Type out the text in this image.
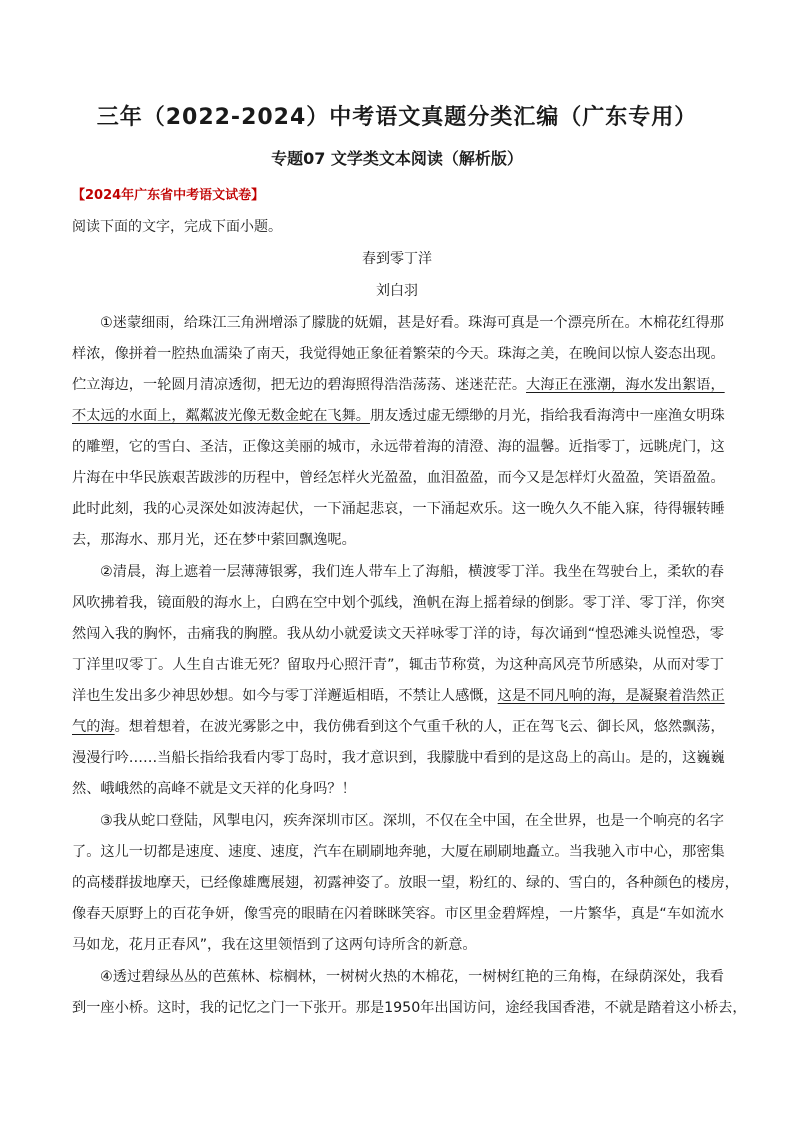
三年（2022-2024）中考语文真题分类汇编（广东专用）
专题07 文学类文本阅读（解析版）
【2024年广东省中考语文试卷】
阅读下面的文字，完成下面小题。
春到零丁洋
刘白羽
①迷蒙细雨，给珠江三角洲增添了朦胧的妩媚，甚是好看。珠海可真是一个漂亮所在。木棉花红得那
样浓，像拼着一腔热血濡染了南天，我觉得她正象征着繁荣的今天。珠海之美，在晚间以惊人姿态出现。
伫立海边，一轮圆月清凉透彻，把无边的碧海照得浩浩荡荡、迷迷茫茫。大海正在涨潮，海水发出絮语，
不太远的水面上，粼粼波光像无数金蛇在飞舞。朋友透过虚无缥缈的月光，指给我看海湾中一座渔女明珠
的雕塑，它的雪白、圣洁，正像这美丽的城市，永远带着海的清澄、海的温馨。近指零丁，远眺虎门，这
片海在中华民族艰苦跋涉的历程中，曾经怎样火光盈盈，血泪盈盈，而今又是怎样灯火盈盈，笑语盈盈。
此时此刻，我的心灵深处如波涛起伏，一下涌起悲哀，一下涌起欢乐。这一晚久久不能入寐，待得辗转睡
去，那海水、那月光，还在梦中萦回飘逸呢。
②清晨，海上遮着一层薄薄银雾，我们连人带车上了海船，横渡零丁洋。我坐在驾驶台上，柔软的春
风吹拂着我，镜面般的海水上，白鸥在空中划个弧线，渔帆在海上摇着绿的倒影。零丁洋、零丁洋，你突
然闯入我的胸怀，击痛我的胸膛。我从幼小就爱读文天祥咏零丁洋的诗，每次诵到“惶恐滩头说惶恐，零
丁洋里叹零丁。人生自古谁无死？留取丹心照汗青”，辄击节称赏，为这种高风亮节所感染，从而对零丁
洋也生发出多少神思妙想。如今与零丁洋邂逅相晤，不禁让人感慨，这是不同凡响的海，是凝聚着浩然正
气的海。想着想着，在波光雾影之中，我仿佛看到这个气重千秋的人，正在驾飞云、御长风，悠然飘荡，
漫漫行吟……当船长指给我看内零丁岛时，我才意识到，我朦胧中看到的是这岛上的高山。是的，这巍巍
然、峨峨然的高峰不就是文天祥的化身吗？！
③我从蛇口登陆，风掣电闪，疾奔深圳市区。深圳，不仅在全中国，在全世界，也是一个响亮的名字
了。这儿一切都是速度、速度、速度，汽车在刷刷地奔驰，大厦在刷刷地矗立。当我驰入市中心，那密集
的高楼群拔地摩天，已经像雄鹰展翅，初露神姿了。放眼一望，粉红的、绿的、雪白的，各种颜色的楼房，
像春天原野上的百花争妍，像雪亮的眼睛在闪着眯眯笑容。市区里金碧辉煌，一片繁华，真是“车如流水
马如龙，花月正春风”，我在这里领悟到了这两句诗所含的新意。
④透过碧绿丛丛的芭蕉林、棕榈林，一树树火热的木棉花，一树树红艳的三角梅，在绿荫深处，我看
到一座小桥。这时，我的记忆之门一下张开。那是1950年出国访问，途经我国香港，不就是踏着这小桥去，
